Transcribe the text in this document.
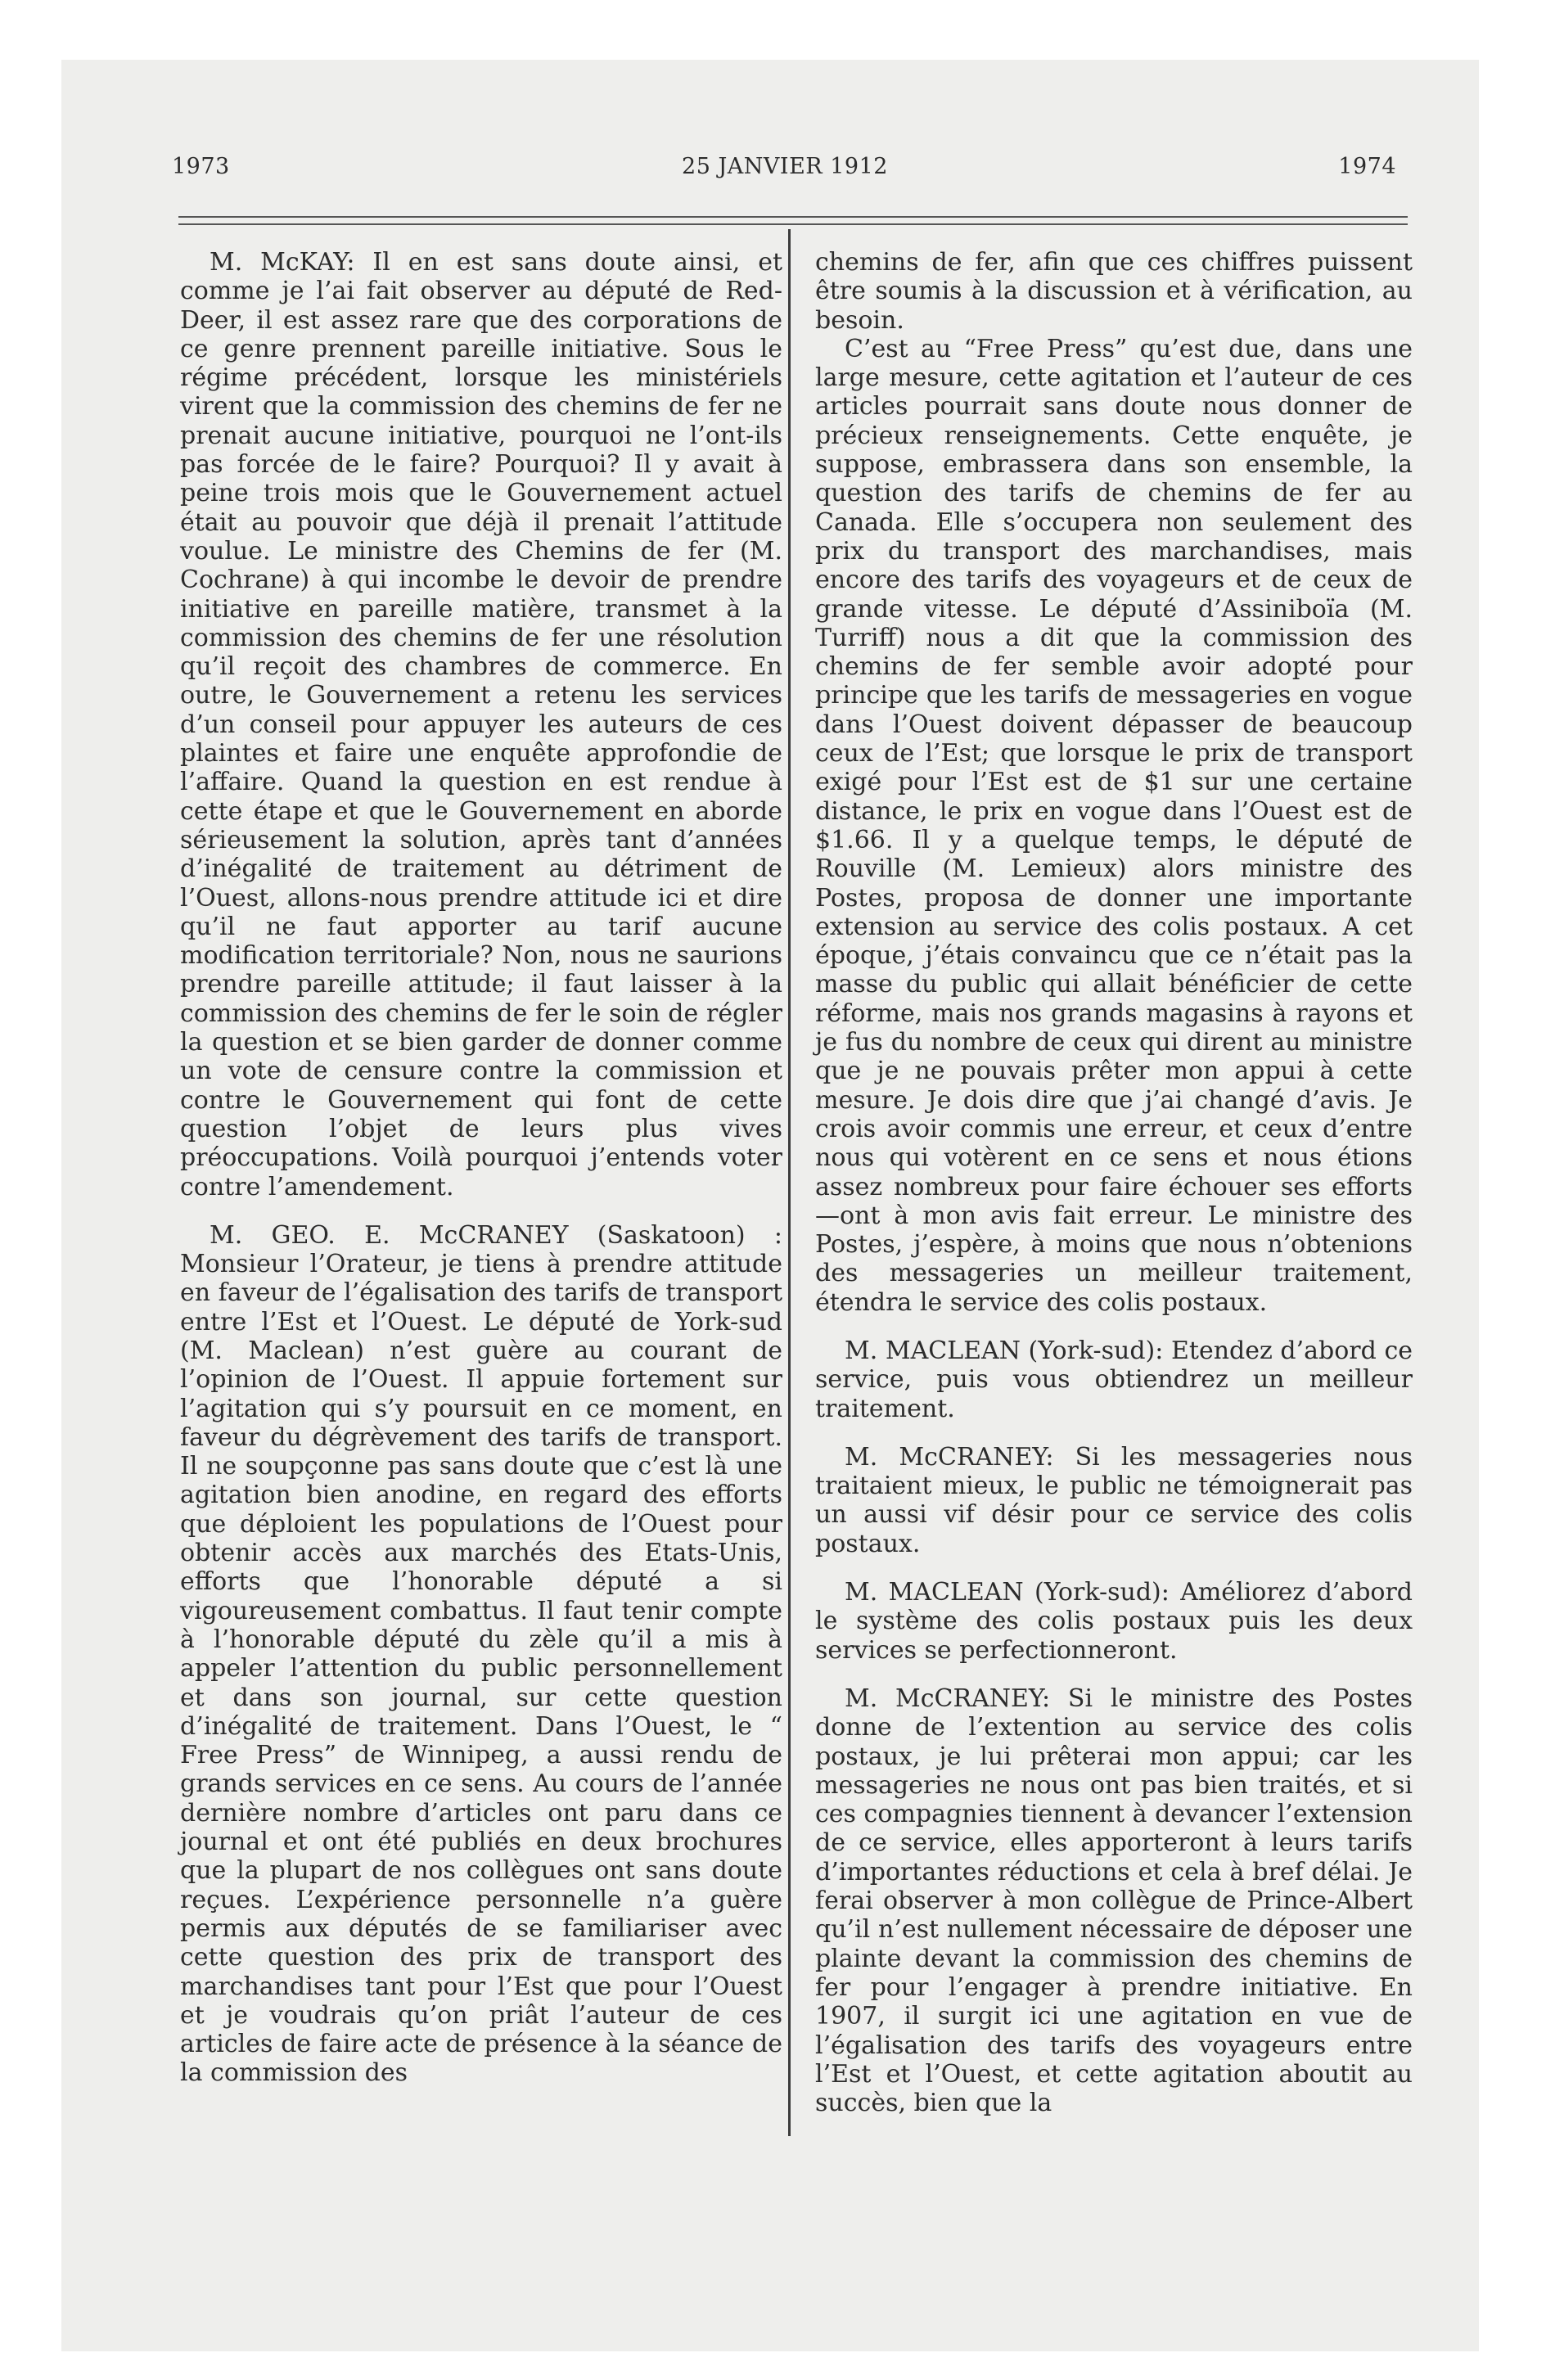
1973	25 JANVIER 1912	1974

M. McKAY: Il en est sans doute ainsi, et comme je l’ai fait observer au député de Red-Deer, il est assez rare que des corporations de ce genre prennent pareille initiative. Sous le régime précédent, lorsque les ministériels virent que la commission des chemins de fer ne prenait aucune initiative, pourquoi ne l’ont-ils pas forcée de le faire? Pourquoi? Il y avait à peine trois mois que le Gouvernement actuel était au pouvoir que déjà il prenait l’attitude voulue. Le ministre des Chemins de fer (M. Cochrane) à qui incombe le devoir de prendre initiative en pareille matière, transmet à la commission des chemins de fer une résolution qu’il reçoit des chambres de commerce. En outre, le Gouvernement a retenu les services d’un conseil pour appuyer les auteurs de ces plaintes et faire une enquête approfondie de l’affaire. Quand la question en est rendue à cette étape et que le Gouvernement en aborde sérieusement la solution, après tant d’années d’inégalité de traitement au détriment de l’Ouest, allons-nous prendre attitude ici et dire qu’il ne faut apporter au tarif aucune modification territoriale? Non, nous ne saurions prendre pareille attitude; il faut laisser à la commission des chemins de fer le soin de régler la question et se bien garder de donner comme un vote de censure contre la commission et contre le Gouvernement qui font de cette question l’objet de leurs plus vives préoccupations. Voilà pourquoi j’entends voter contre l’amendement.

M. GEO. E. McCRANEY (Saskatoon) : Monsieur l’Orateur, je tiens à prendre attitude en faveur de l’égalisation des tarifs de transport entre l’Est et l’Ouest. Le député de York-sud (M. Maclean) n’est guère au courant de l’opinion de l’Ouest. Il appuie fortement sur l’agitation qui s’y poursuit en ce moment, en faveur du dégrèvement des tarifs de transport. Il ne soupçonne pas sans doute que c’est là une agitation bien anodine, en regard des efforts que déploient les populations de l’Ouest pour obtenir accès aux marchés des Etats-Unis, efforts que l’honorable député a si vigoureusement combattus. Il faut tenir compte à l’honorable député du zèle qu’il a mis à appeler l’attention du public personnellement et dans son journal, sur cette question d’inégalité de traitement. Dans l’Ouest, le “ Free Press” de Winnipeg, a aussi rendu de grands services en ce sens. Au cours de l’année dernière nombre d’articles ont paru dans ce journal et ont été publiés en deux brochures que la plupart de nos collègues ont sans doute reçues. L’expérience personnelle n’a guère permis aux députés de se familiariser avec cette question des prix de transport des marchandises tant pour l’Est que pour l’Ouest et je voudrais qu’on priât l’auteur de ces articles de faire acte de présence à la séance de la commission des

chemins de fer, afin que ces chiffres puissent être soumis à la discussion et à vérification, au besoin.

C’est au “Free Press” qu’est due, dans une large mesure, cette agitation et l’auteur de ces articles pourrait sans doute nous donner de précieux renseignements. Cette enquête, je suppose, embrassera dans son ensemble, la question des tarifs de chemins de fer au Canada. Elle s’occupera non seulement des prix du transport des marchandises, mais encore des tarifs des voyageurs et de ceux de grande vitesse. Le député d’Assiniboïa (M. Turriff) nous a dit que la commission des chemins de fer semble avoir adopté pour principe que les tarifs de messageries en vogue dans l’Ouest doivent dépasser de beaucoup ceux de l’Est; que lorsque le prix de transport exigé pour l’Est est de $1 sur une certaine distance, le prix en vogue dans l’Ouest est de $1.66. Il y a quelque temps, le député de Rouville (M. Lemieux) alors ministre des Postes, proposa de donner une importante extension au service des colis postaux. A cet époque, j’étais convaincu que ce n’était pas la masse du public qui allait bénéficier de cette réforme, mais nos grands magasins à rayons et je fus du nombre de ceux qui dirent au ministre que je ne pouvais prêter mon appui à cette mesure. Je dois dire que j’ai changé d’avis. Je crois avoir commis une erreur, et ceux d’entre nous qui votèrent en ce sens et nous étions assez nombreux pour faire échouer ses efforts—ont à mon avis fait erreur. Le ministre des Postes, j’espère, à moins que nous n’obtenions des messageries un meilleur traitement, étendra le service des colis postaux.

M. MACLEAN (York-sud): Etendez d’abord ce service, puis vous obtiendrez un meilleur traitement.

M. McCRANEY: Si les messageries nous traitaient mieux, le public ne témoignerait pas un aussi vif désir pour ce service des colis postaux.

M. MACLEAN (York-sud): Améliorez d’abord le système des colis postaux puis les deux services se perfectionneront.

M. McCRANEY: Si le ministre des Postes donne de l’extention au service des colis postaux, je lui prêterai mon appui; car les messageries ne nous ont pas bien traités, et si ces compagnies tiennent à devancer l’extension de ce service, elles apporteront à leurs tarifs d’importantes réductions et cela à bref délai. Je ferai observer à mon collègue de Prince-Albert qu’il n’est nullement nécessaire de déposer une plainte devant la commission des chemins de fer pour l’engager à prendre initiative. En 1907, il surgit ici une agitation en vue de l’égalisation des tarifs des voyageurs entre l’Est et l’Ouest, et cette agitation aboutit au succès, bien que la
